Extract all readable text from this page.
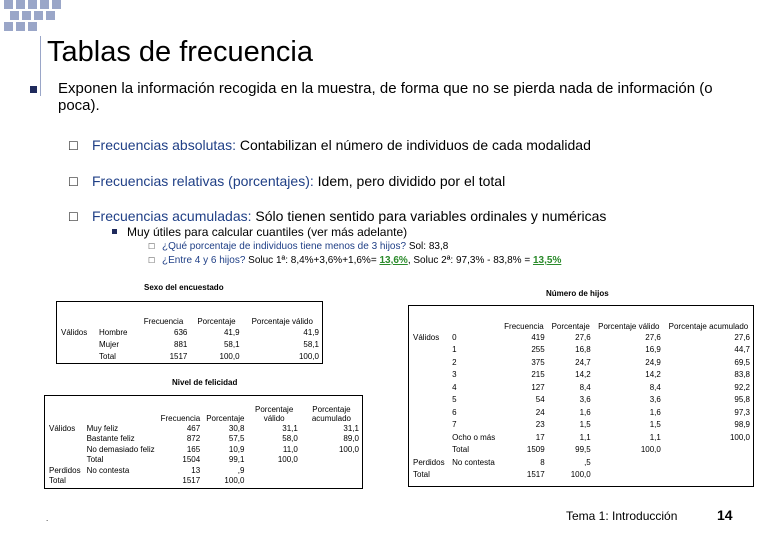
Tablas de frecuencia
Exponen la información recogida en la muestra, de forma que no se pierda nada de información (o poca).
☐ Frecuencias absolutas: Contabilizan el número de individuos de cada modalidad
☐ Frecuencias relativas (porcentajes): Idem, pero dividido por el total
☐ Frecuencias acumuladas: Sólo tienen sentido para variables ordinales y numéricas
Muy útiles para calcular cuantiles (ver más adelante)
☐ ¿Qué porcentaje de individuos tiene menos de 3 hijos? Sol: 83,8
☐ ¿Entre 4 y 6 hijos? Soluc 1ª: 8,4%+3,6%+1,6%= 13,6%, Soluc 2ª: 97,3% - 83,8% = 13,5%
Sexo del encuestado
		Frecuencia	Porcentaje	Porcentaje válido
Válidos	Hombre	636	41,9	41,9
	Mujer	881	58,1	58,1
	Total	1517	100,0	100,0
Nivel de felicidad
		Frecuencia	Porcentaje	Porcentaje válido	Porcentaje acumulado
Válidos	Muy feliz	467	30,8	31,1	31,1
	Bastante feliz	872	57,5	58,0	89,0
	No demasiado feliz	165	10,9	11,0	100,0
	Total	1504	99,1	100,0	
Perdidos	No contesta	13	,9		
Total		1517	100,0		
Número de hijos
		Frecuencia	Porcentaje	Porcentaje válido	Porcentaje acumulado
Válidos	0	419	27,6	27,6	27,6
	1	255	16,8	16,9	44,7
	2	375	24,7	24,9	69,5
	3	215	14,2	14,2	83,8
	4	127	8,4	8,4	92,2
	5	54	3,6	3,6	95,8
	6	24	1,6	1,6	97,3
	7	23	1,5	1,5	98,9
	Ocho o más	17	1,1	1,1	100,0
	Total	1509	99,5	100,0	
Perdidos	No contesta	8	,5		
Total		1517	100,0		
.	Tema 1: Introducción	14
